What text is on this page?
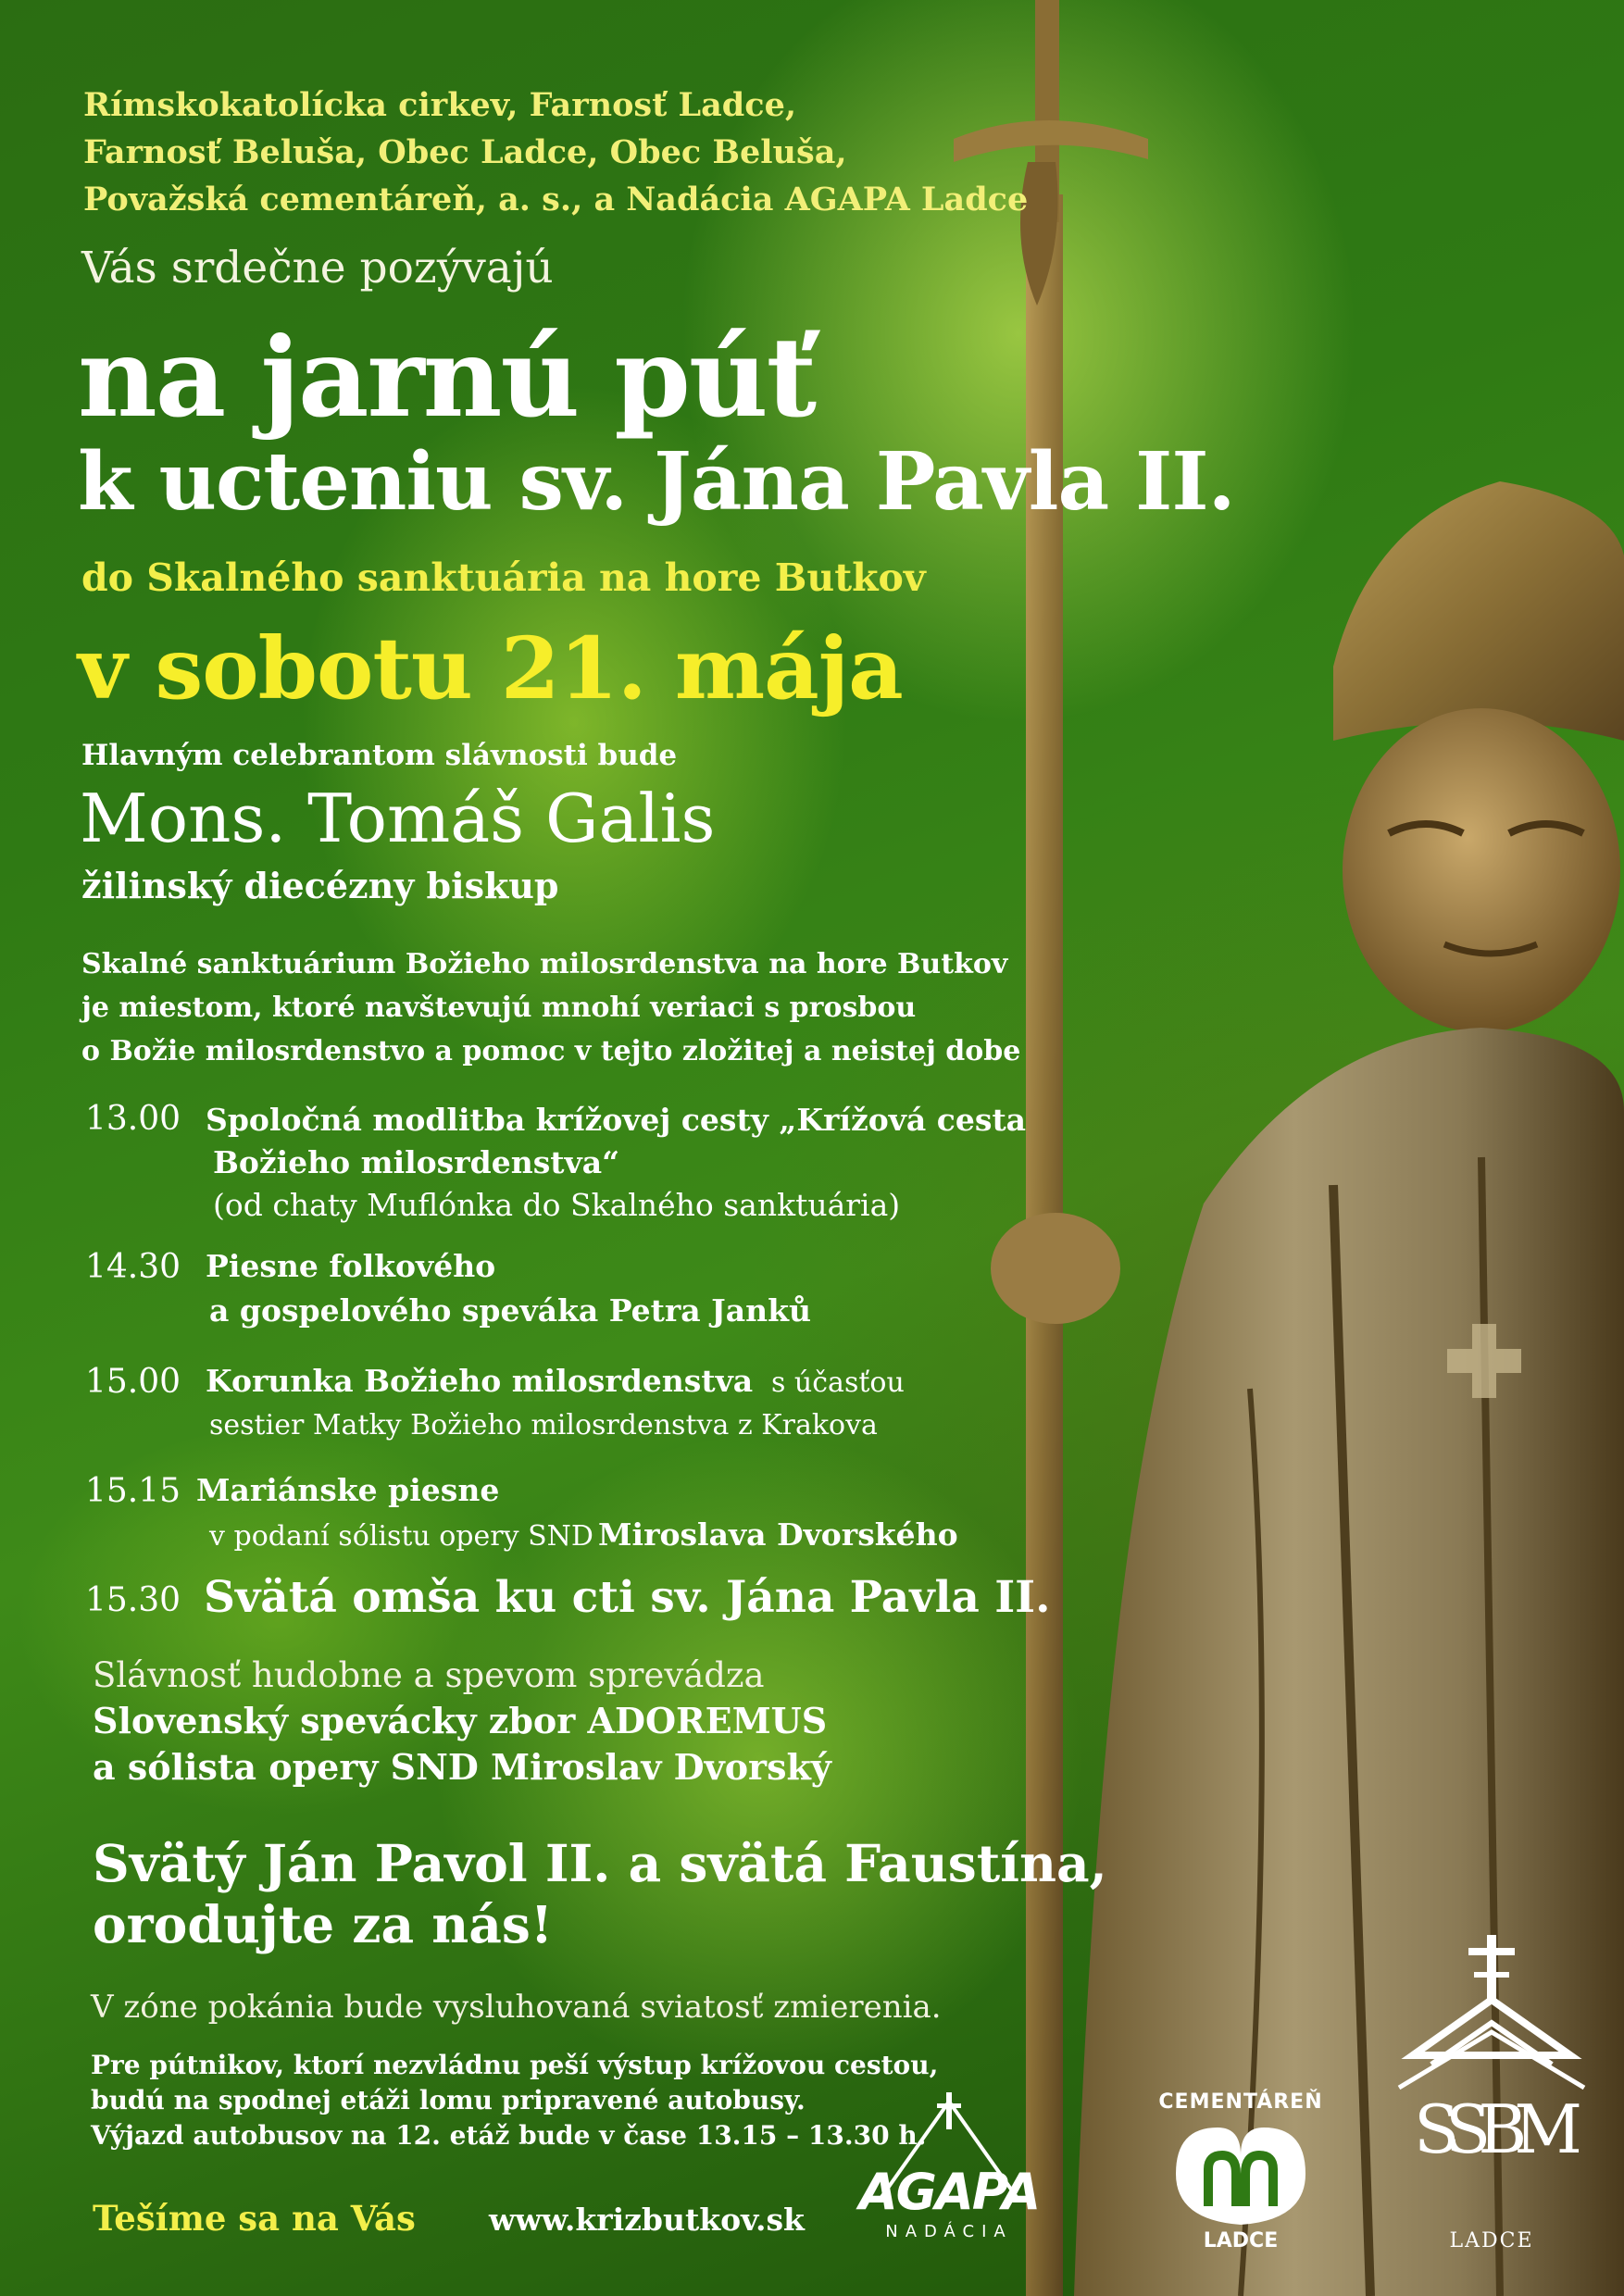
Rímskokatolícka cirkev, Farnosť Ladce,
Farnosť Beluša, Obec Ladce, Obec Beluša,
Považská cementáreň, a. s., a Nadácia AGAPA Ladce
Vás srdečne pozývajú
na jarnú púť
k ucteniu sv. Jána Pavla II.
do Skalného sanktuária na hore Butkov
v sobotu 21. mája
Hlavným celebrantom slávnosti bude
Mons. Tomáš Galis
žilinský diecézny biskup
Skalné sanktuárium Božieho milosrdenstva na hore Butkov
je miestom, ktoré navštevujú mnohí veriaci s prosbou
o Božie milosrdenstvo a pomoc v tejto zložitej a neistej dobe
13.00 Spoločná modlitba krížovej cesty „Krížová cesta
Božieho milosrdenstva“
(od chaty Muflónka do Skalného sanktuária)
14.30 Piesne folkového
a gospelového speváka Petra Janků
15.00 Korunka Božieho milosrdenstva s účasťou
sestier Matky Božieho milosrdenstva z Krakova
15.15 Mariánske piesne
v podaní sólistu opery SND Miroslava Dvorského
15.30 Svätá omša ku cti sv. Jána Pavla II.
Slávnosť hudobne a spevom sprevádza
Slovenský spevácky zbor ADOREMUS
a sólista opery SND Miroslav Dvorský
Svätý Ján Pavol II. a svätá Faustína,
orodujte za nás!
V zóne pokánia bude vysluhovaná sviatosť zmierenia.
Pre pútnikov, ktorí nezvládnu peší výstup krížovou cestou,
budú na spodnej etáži lomu pripravené autobusy.
Výjazd autobusov na 12. etáž bude v čase 13.15 – 13.30 h.
Tešíme sa na Vás www.krizbutkov.sk	AGAPA
NADÁCIA
CEMENTÁREŇ
LADCE
SSBM
LADCE
